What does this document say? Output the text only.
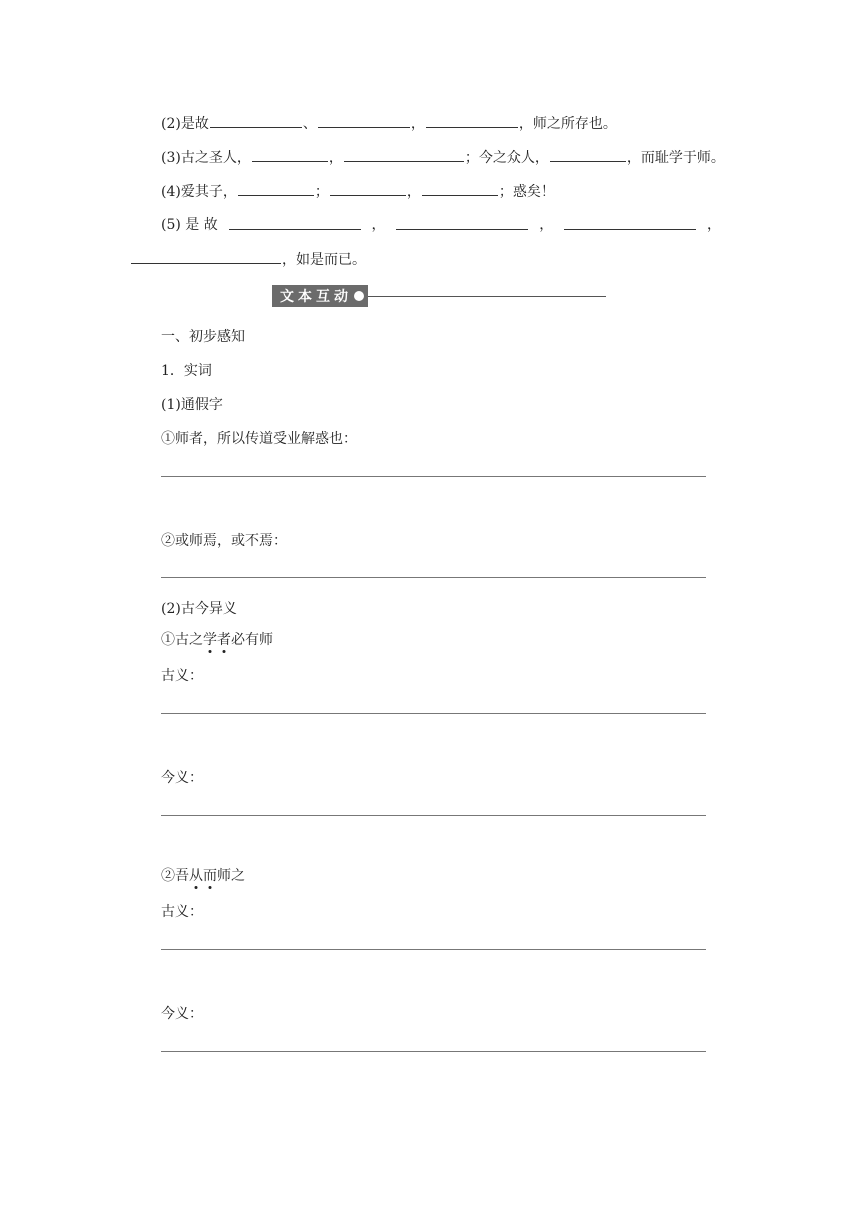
(2)是故	、	，	，师之所存也。
(3)古之圣人，	，	；今之众人，	，而耻学于师。
(4)爱其子，	；	，	；惑矣！
(5) 是 故	，	，	，
，如是而已。
文本互动
一、初步感知
1．实词
(1)通假字
①师者，所以传道受业解惑也：
②或师焉，或不焉：
(2)古今异义
①古之学者必有师
古义：
今义：
②吾从而师之
古义：
今义：
